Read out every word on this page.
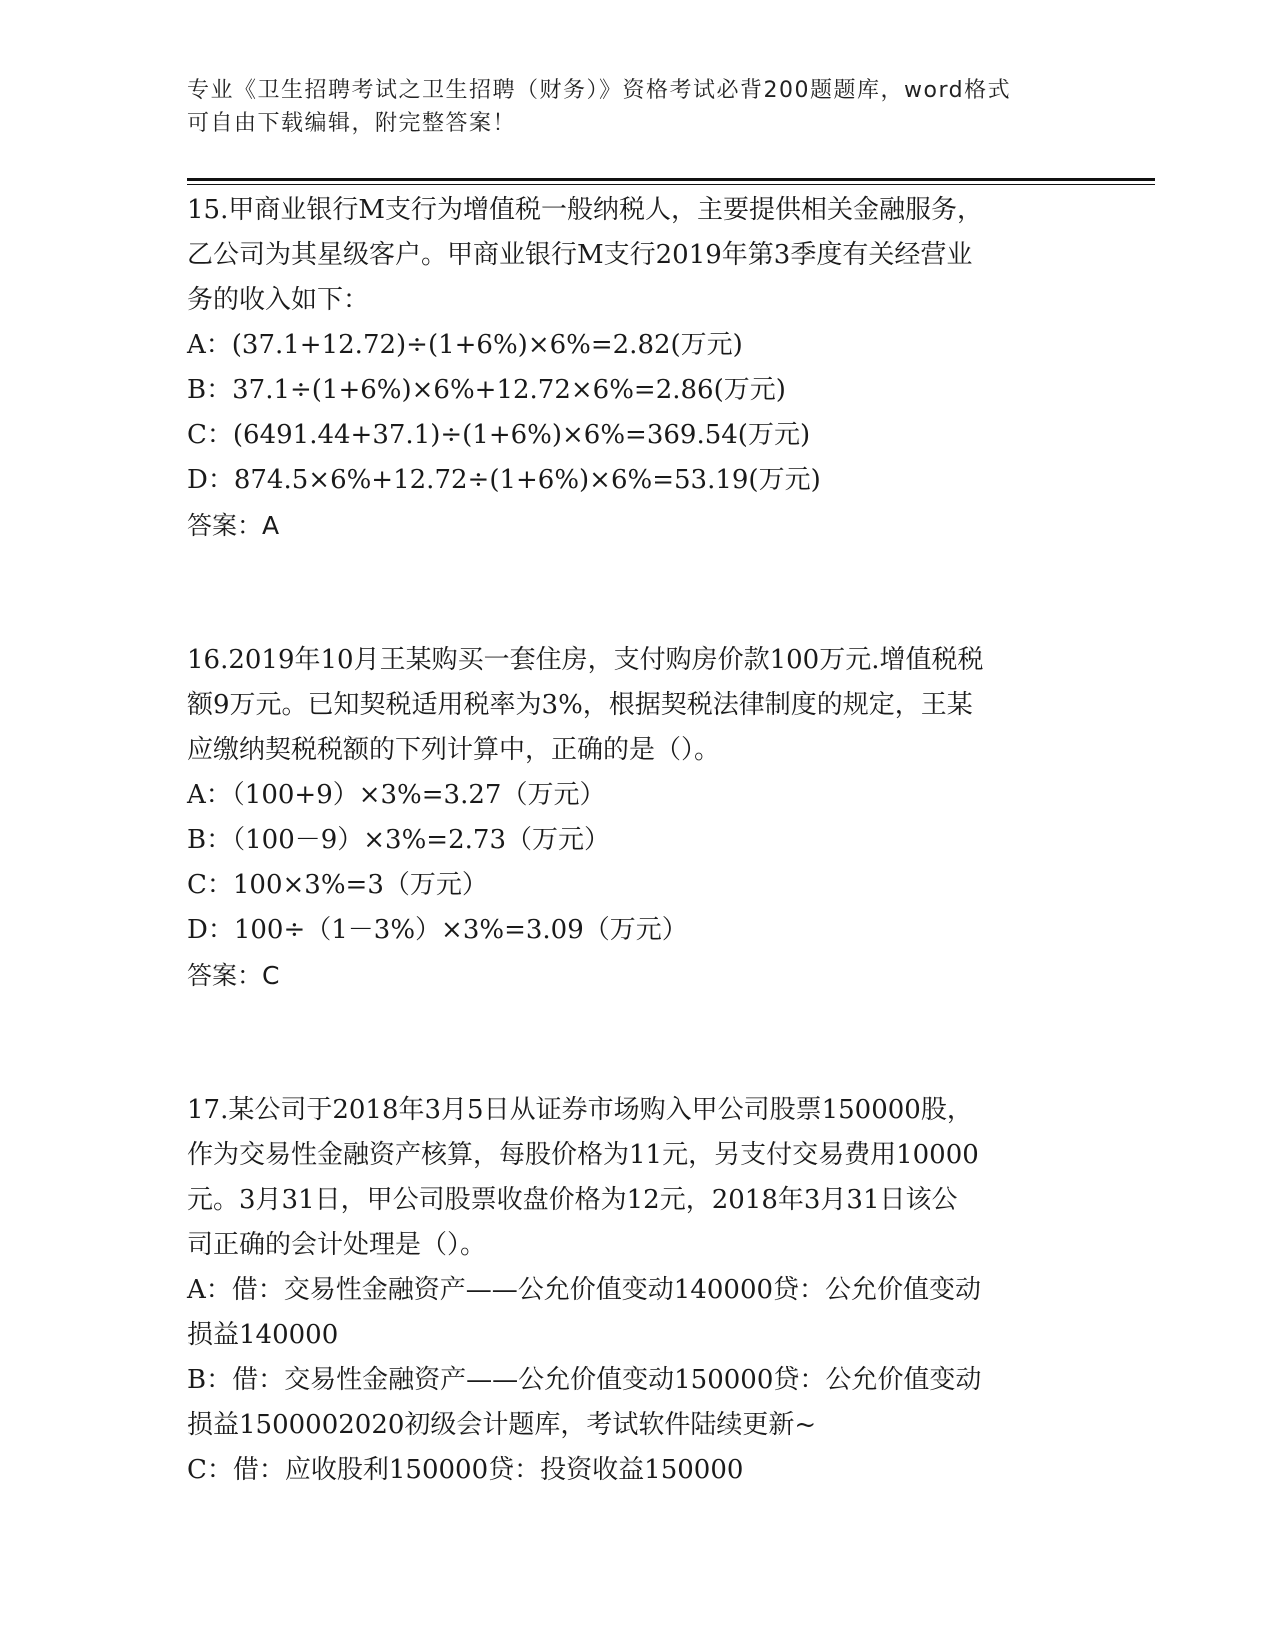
专业《卫生招聘考试之卫生招聘（财务）》资格考试必背200题题库，word格式
可自由下载编辑，附完整答案！
15.甲商业银行M支行为增值税一般纳税人，主要提供相关金融服务，
乙公司为其星级客户。甲商业银行M支行2019年第3季度有关经营业
务的收入如下：
A：(37.1+12.72)÷(1+6%)×6%=2.82(万元)
B：37.1÷(1+6%)×6%+12.72×6%=2.86(万元)
C：(6491.44+37.1)÷(1+6%)×6%=369.54(万元)
D：874.5×6%+12.72÷(1+6%)×6%=53.19(万元)
答案：A
16.2019年10月王某购买一套住房，支付购房价款100万元.增值税税
额9万元。已知契税适用税率为3%，根据契税法律制度的规定，王某
应缴纳契税税额的下列计算中，正确的是（）。
A：（100+9）×3%=3.27（万元）
B：（100－9）×3%=2.73（万元）
C：100×3%=3（万元）
D：100÷（1－3%）×3%=3.09（万元）
答案：C
17.某公司于2018年3月5日从证券市场购入甲公司股票150000股，
作为交易性金融资产核算，每股价格为11元，另支付交易费用10000
元。3月31日，甲公司股票收盘价格为12元，2018年3月31日该公
司正确的会计处理是（）。
A：借：交易性金融资产——公允价值变动140000贷：公允价值变动
损益140000
B：借：交易性金融资产——公允价值变动150000贷：公允价值变动
损益1500002020初级会计题库，考试软件陆续更新~
C：借：应收股利150000贷：投资收益150000
